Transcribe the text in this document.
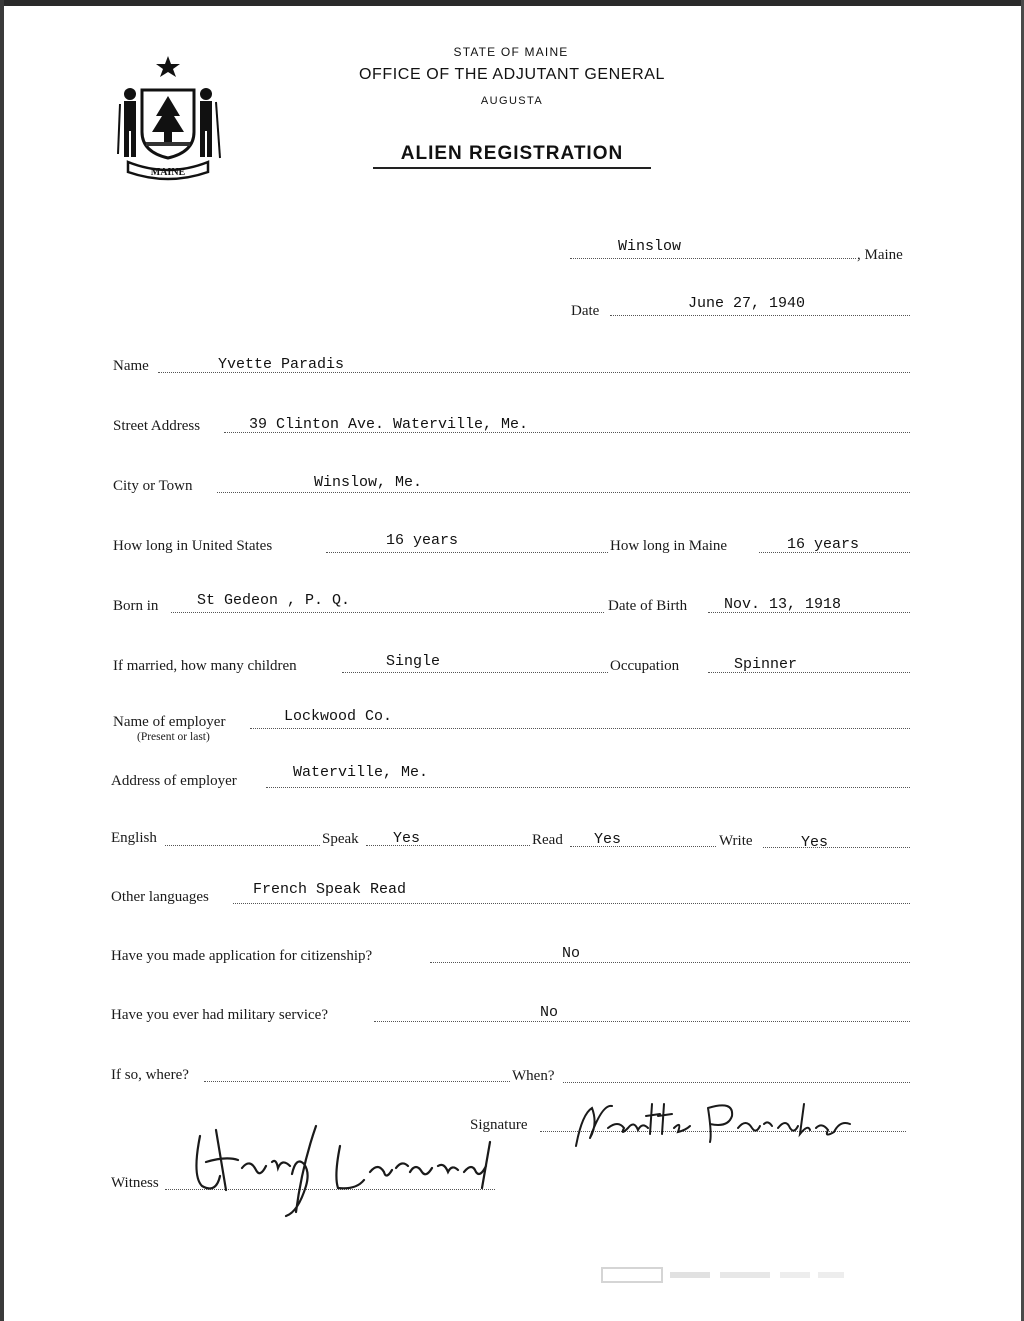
MAINE
STATE OF MAINE
OFFICE OF THE ADJUTANT GENERAL
AUGUSTA
ALIEN REGISTRATION
Winslow	, Maine
Date	June 27, 1940
Name	Yvette Paradis
Street Address	39 Clinton Ave. Waterville, Me.
City or Town	Winslow, Me.
How long in United States	16 years	How long in Maine	16 years
Born in	St Gedeon , P. Q.	Date of Birth Nov. 13, 1918
If married, how many children	Single	Occupation	Spinner
Name of employer
(Present or last)
Lockwood Co.
Address of employer	Waterville, Me.
English	Speak Yes	Read Yes	Write	Yes
Other languages	French Speak Read
Have you made application for citizenship?	No
Have you ever had military service?	No
If so, where?	When?
Signature
Witness
